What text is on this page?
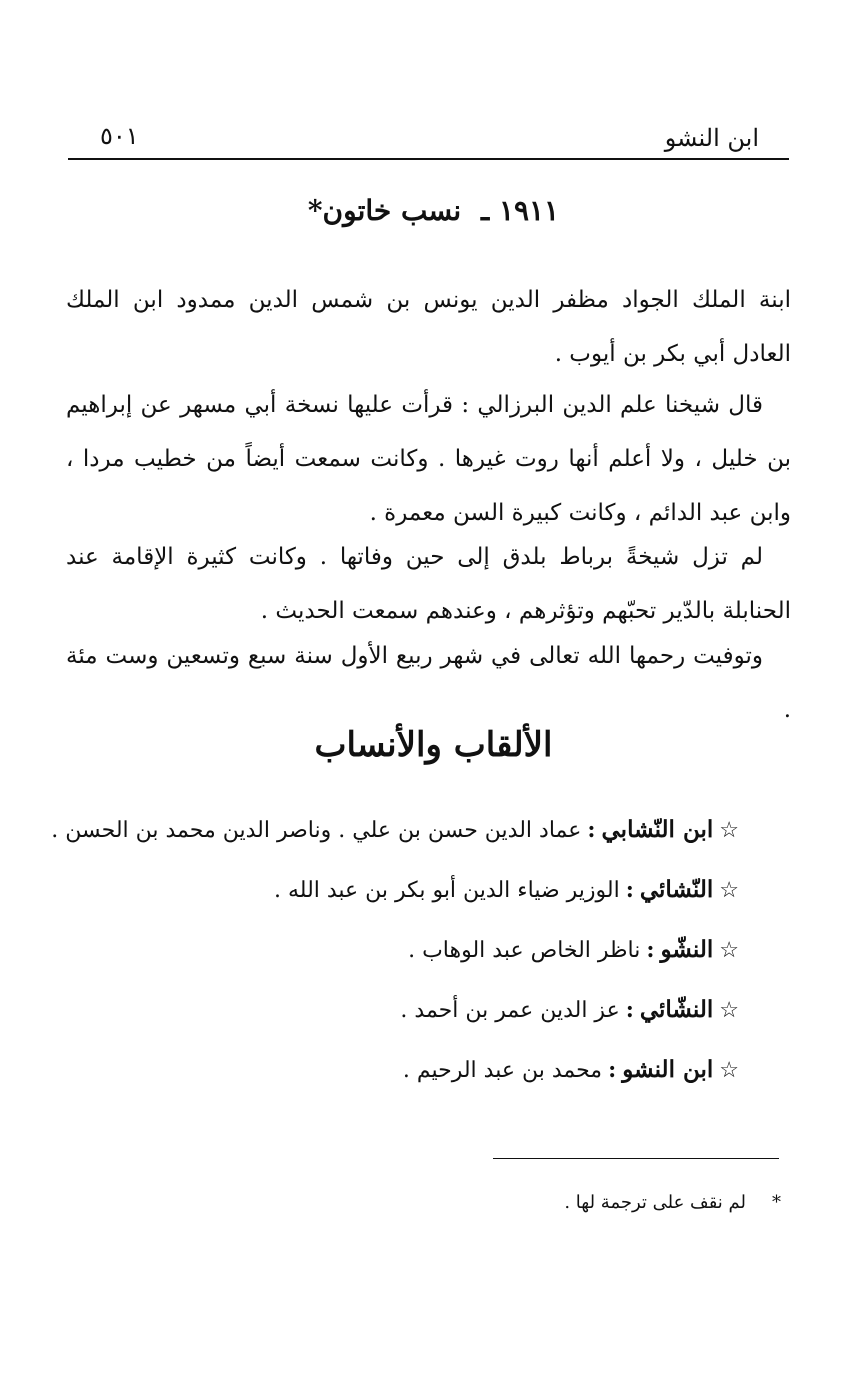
ابن النشو
٥٠١
١٩١١ ـ نسب خاتون*

ابنة الملك الجواد مظفر الدين يونس بن شمس الدين ممدود ابن الملك العادل أبي بكر بن أيوب .

قال شيخنا علم الدين البرزالي : قرأت عليها نسخة أبي مسهر عن إبراهيم بن خليل ، ولا أعلم أنها روت غيرها . وكانت سمعت أيضاً من خطيب مردا ، وابن عبد الدائم ، وكانت كبيرة السن معمرة .

لم تزل شيخةً برباط بلدق إلى حين وفاتها . وكانت كثيرة الإقامة عند الحنابلة بالدّير تحبّهم وتؤثرهم ، وعندهم سمعت الحديث .

وتوفيت رحمها الله تعالى في شهر ربيع الأول سنة سبع وتسعين وست مئة .

الألقاب والأنساب
☆ابن النّشابي:عماد الدين حسن بن علي . وناصر الدين محمد بن الحسن .
☆النّشائي:الوزير ضياء الدين أبو بكر بن عبد الله .
☆النشّو:ناظر الخاص عبد الوهاب .
☆النشّائي:عز الدين عمر بن أحمد .
☆ابن النشو:محمد بن عبد الرحيم .
*لم نقف على ترجمة لها .
